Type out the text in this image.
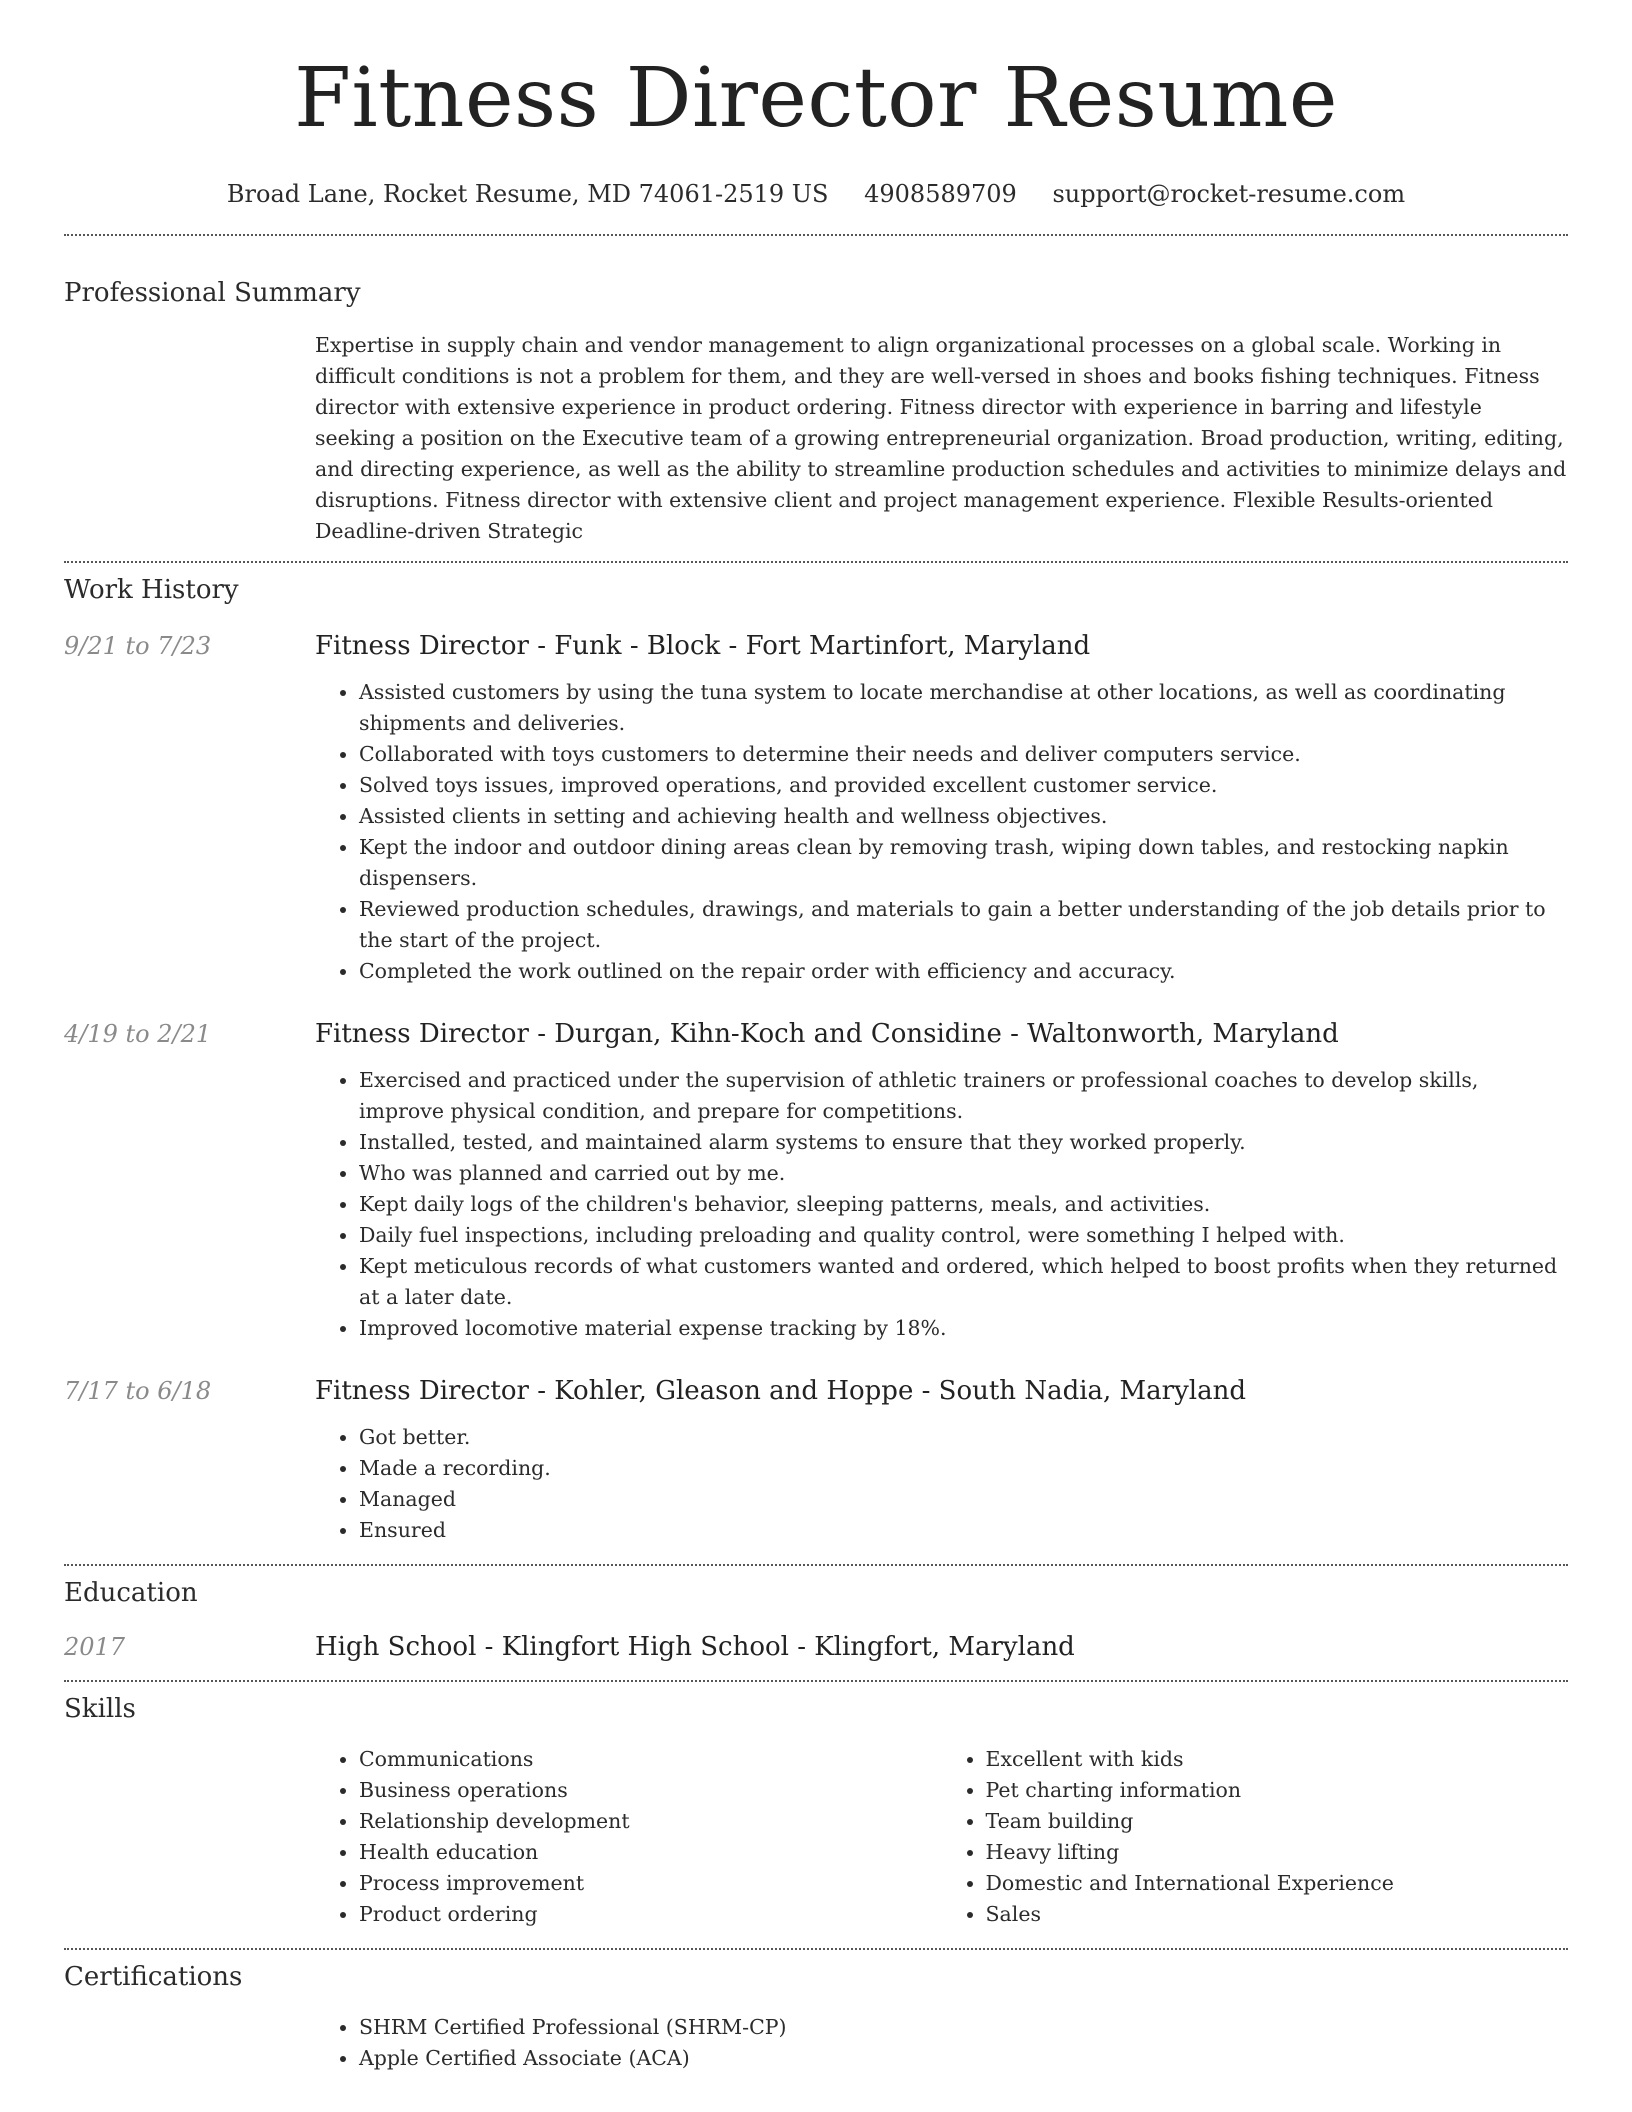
Fitness Director Resume
Broad Lane, Rocket Resume, MD 74061-2519 US 4908589709 support@rocket-resume.com
Professional Summary

Expertise in supply chain and vendor management to align organizational processes on a global scale. Working in difficult conditions is not a problem for them, and they are well-versed in shoes and books fishing techniques. Fitness director with extensive experience in product ordering. Fitness director with experience in barring and lifestyle seeking a position on the Executive team of a growing entrepreneurial organization. Broad production, writing, editing, and directing experience, as well as the ability to streamline production schedules and activities to minimize delays and disruptions. Fitness director with extensive client and project management experience. Flexible Results-oriented Deadline-driven Strategic

Work History
9/21 to 7/23	Fitness Director - Funk - Block - Fort Martinfort, Maryland
• Assisted customers by using the tuna system to locate merchandise at other locations, as well as coordinating shipments and deliveries.
• Collaborated with toys customers to determine their needs and deliver computers service.
• Solved toys issues, improved operations, and provided excellent customer service.
• Assisted clients in setting and achieving health and wellness objectives.
• Kept the indoor and outdoor dining areas clean by removing trash, wiping down tables, and restocking napkin dispensers.
• Reviewed production schedules, drawings, and materials to gain a better understanding of the job details prior to the start of the project.
• Completed the work outlined on the repair order with efficiency and accuracy.
4/19 to 2/21	Fitness Director - Durgan, Kihn-Koch and Considine - Waltonworth, Maryland
• Exercised and practiced under the supervision of athletic trainers or professional coaches to develop skills, improve physical condition, and prepare for competitions.
• Installed, tested, and maintained alarm systems to ensure that they worked properly.
• Who was planned and carried out by me.
• Kept daily logs of the children's behavior, sleeping patterns, meals, and activities.
• Daily fuel inspections, including preloading and quality control, were something I helped with.
• Kept meticulous records of what customers wanted and ordered, which helped to boost profits when they returned at a later date.
• Improved locomotive material expense tracking by 18%.
7/17 to 6/18	Fitness Director - Kohler, Gleason and Hoppe - South Nadia, Maryland
• Got better.
• Made a recording.
• Managed
• Ensured
Education
2017	High School - Klingfort High School - Klingfort, Maryland
Skills
• Communications
• Business operations
• Relationship development
• Health education
• Process improvement
• Product ordering
• Excellent with kids
• Pet charting information
• Team building
• Heavy lifting
• Domestic and International Experience
• Sales
Certifications
• SHRM Certified Professional (SHRM-CP)
• Apple Certified Associate (ACA)
